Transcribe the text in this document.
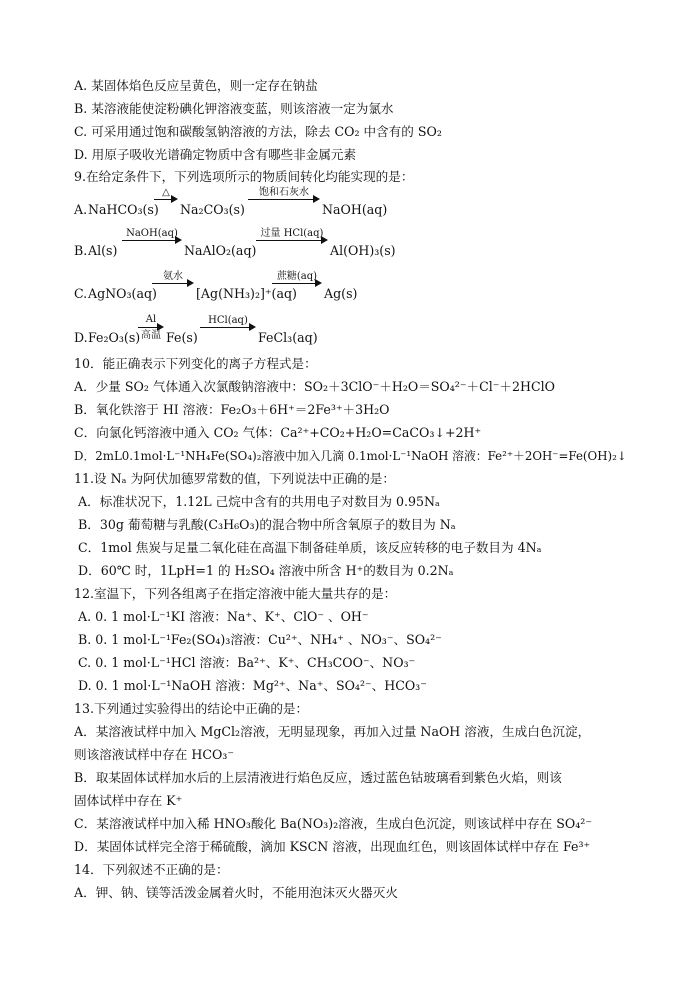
A. 某固体焰色反应呈黄色，则一定存在钠盐
B. 某溶液能使淀粉碘化钾溶液变蓝，则该溶液一定为氯水
C. 可采用通过饱和碳酸氢钠溶液的方法，除去 CO₂ 中含有的 SO₂
D. 用原子吸收光谱确定物质中含有哪些非金属元素
9.在给定条件下，下列选项所示的物质间转化均能实现的是：
A. NaHCO₃(s)
△
Na₂CO₃(s)
饱和石灰水
NaOH(aq)
B. Al(s)
NaOH(aq)
NaAlO₂(aq)
过量 HCl(aq)
Al(OH)₃(s)
C. AgNO₃(aq)
氨水
[Ag(NH₃)₂]⁺(aq)
蔗糖(aq)
Ag(s)
D. Fe₂O₃(s)
Al
高温 Fe(s)
HCl(aq)
FeCl₃(aq)
10．能正确表示下列变化的离子方程式是：
A．少量 SO₂ 气体通入次氯酸钠溶液中：SO₂＋3ClO⁻＋H₂O＝SO₄²⁻＋Cl⁻＋2HClO
B．氧化铁溶于 HI 溶液：Fe₂O₃＋6H⁺＝2Fe³⁺＋3H₂O
C．向氯化钙溶液中通入 CO₂ 气体：Ca²⁺+CO₂+H₂O=CaCO₃↓+2H⁺
D．2mL0.1mol·L⁻¹NH₄Fe(SO₄)₂溶液中加入几滴 0.1mol·L⁻¹NaOH 溶液：Fe²⁺＋2OH⁻=Fe(OH)₂↓
11.设 Nₐ 为阿伏加德罗常数的值，下列说法中正确的是：
A．标准状况下，1.12L 己烷中含有的共用电子对数目为 0.95Nₐ
B．30g 葡萄糖与乳酸(C₃H₆O₃)的混合物中所含氧原子的数目为 Nₐ
C．1mol 焦炭与足量二氧化硅在高温下制备硅单质，该反应转移的电子数目为 4Nₐ
D．60℃ 时，1LpH=1 的 H₂SO₄ 溶液中所含 H⁺的数目为 0.2Nₐ
12.室温下，下列各组离子在指定溶液中能大量共存的是：
A. 0. 1 mol·L⁻¹KI 溶液：Na⁺、K⁺、ClO⁻ 、OH⁻
B. 0. 1 mol·L⁻¹Fe₂(SO₄)₃溶液：Cu²⁺、NH₄⁺ 、NO₃⁻、SO₄²⁻
C. 0. 1 mol·L⁻¹HCl 溶液：Ba²⁺、K⁺、CH₃COO⁻、NO₃⁻
D. 0. 1 mol·L⁻¹NaOH 溶液：Mg²⁺、Na⁺、SO₄²⁻、HCO₃⁻
13.下列通过实验得出的结论中正确的是：
A．某溶液试样中加入 MgCl₂溶液，无明显现象，再加入过量 NaOH 溶液，生成白色沉淀，
则该溶液试样中存在 HCO₃⁻
B．取某固体试样加水后的上层清液进行焰色反应，透过蓝色钴玻璃看到紫色火焰，则该
固体试样中存在 K⁺
C．某溶液试样中加入稀 HNO₃酸化 Ba(NO₃)₂溶液，生成白色沉淀，则该试样中存在 SO₄²⁻
D．某固体试样完全溶于稀硫酸，滴加 KSCN 溶液，出现血红色，则该固体试样中存在 Fe³⁺
14．下列叙述不正确的是：
A．钾、钠、镁等活泼金属着火时，不能用泡沫灭火器灭火
